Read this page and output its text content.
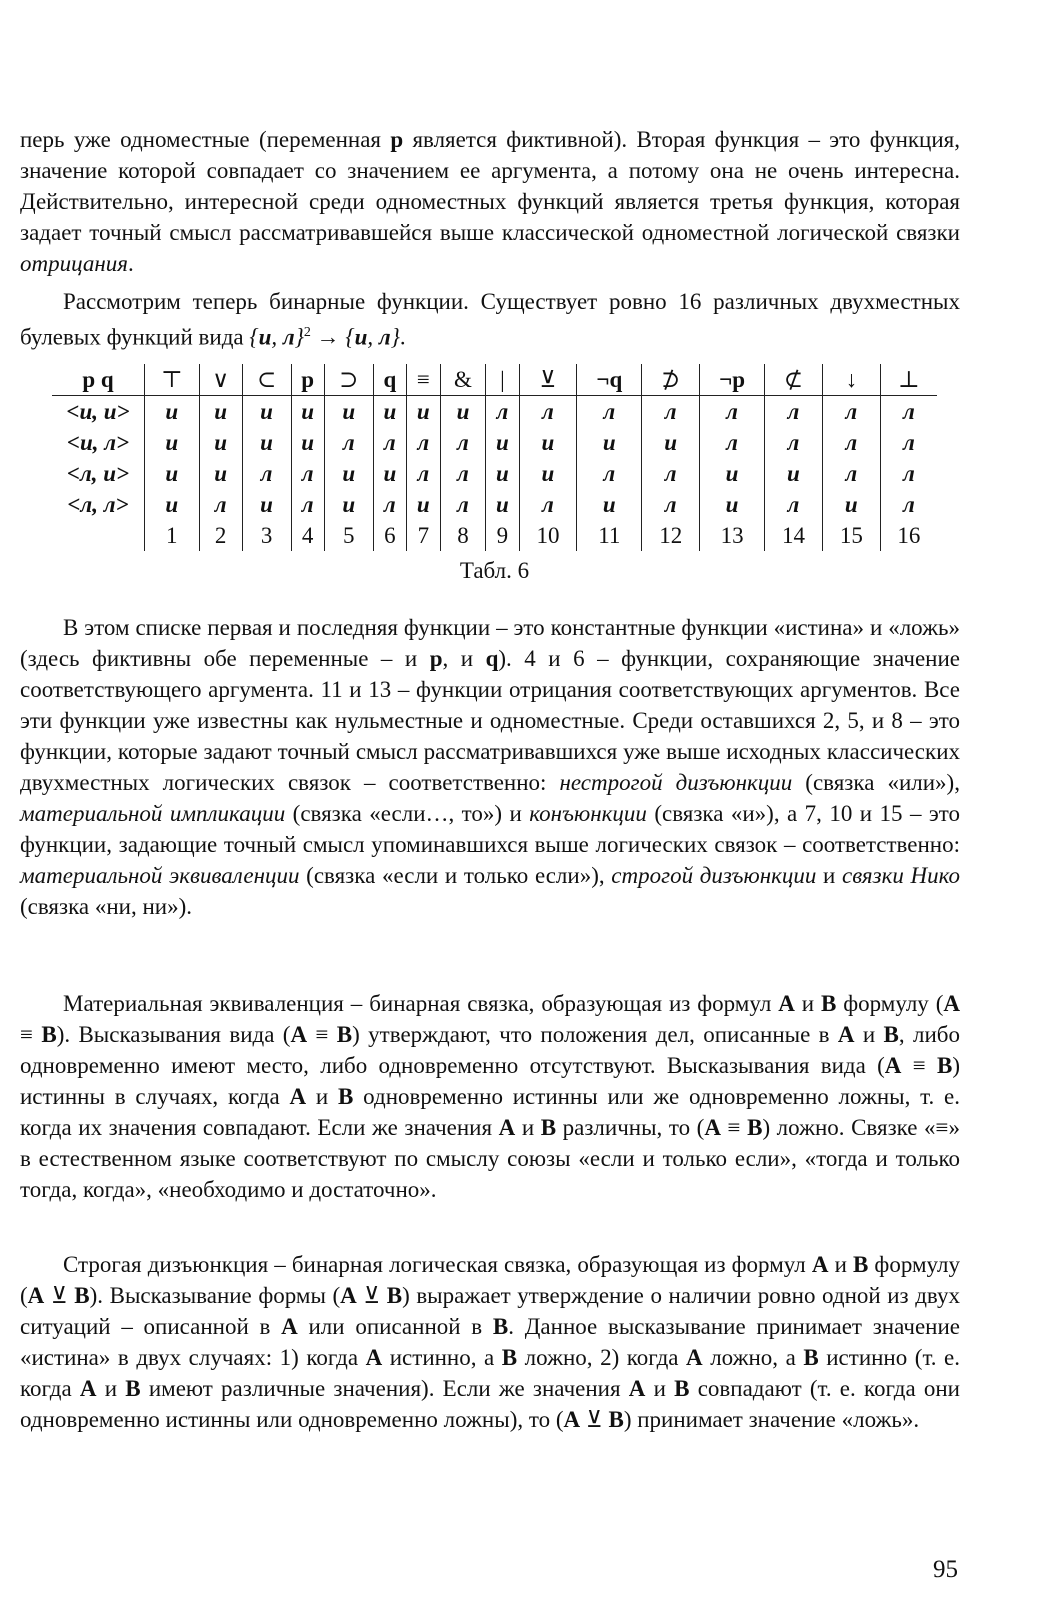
перь уже одноместные (переменная p является фиктивной). Вторая функция – это функция, значение которой совпадает со значением ее аргумента, а потому она не очень интересна. Действительно, интересной среди одноместных функций является третья функция, которая задает точный смысл рассматривавшейся выше классической одноместной логической связки отрицания.

Рассмотрим теперь бинарные функции. Существует ровно 16 различных двухместных булевых функций вида {и, л}$^2$ → {и, л}.

p q	⊤	∨	⊂	p	⊃	q	≡	&	|	⊻	¬q	⊅	¬p	⊄	↓	⊥
<и, и>	и	и	и	и	и	и	и	и	л	л	л	л	л	л	л	л
<и, л>	и	и	и	и	л	л	л	л	и	и	и	и	л	л	л	л
<л, и>	и	и	л	л	и	и	л	л	и	и	л	л	и	и	л	л
<л, л>	и	л	и	л	и	л	и	л	и	л	и	л	и	л	и	л
	1	2	3	4	5	6	7	8	9	10	11	12	13	14	15	16
Табл. 6

В этом списке первая и последняя функции – это константные функции «истина» и «ложь» (здесь фиктивны обе переменные – и p, и q). 4 и 6 – функции, сохраняющие значение соответствующего аргумента. 11 и 13 – функции отрицания соответствующих аргументов. Все эти функции уже известны как нульместные и одноместные. Среди оставшихся 2, 5, и 8 – это функции, которые задают точный смысл рассматривавшихся уже выше исходных классических двухместных логических связок – соответственно: нестрогой дизъюнкции (связка «или»), материальной импликации (связка «если…, то») и конъюнкции (связка «и»), а 7, 10 и 15 – это функции, задающие точный смысл упоминавшихся выше логических связок – соответственно: материальной эквиваленции (связка «если и только если»), строгой дизъюнкции и связки Нико (связка «ни, ни»).

Материальная эквиваленция – бинарная связка, образующая из формул A и B формулу (A ≡ B). Высказывания вида (A ≡ B) утверждают, что положения дел, описанные в A и B, либо одновременно имеют место, либо одновременно отсутствуют. Высказывания вида (A ≡ B) истинны в случаях, когда A и B одновременно истинны или же одновременно ложны, т. е. когда их значения совпадают. Если же значения A и B различны, то (A ≡ B) ложно. Связке «≡» в естественном языке соответствуют по смыслу союзы «если и только если», «тогда и только тогда, когда», «необходимо и достаточно».

Строгая дизъюнкция – бинарная логическая связка, образующая из формул A и B формулу (A ⊻ B). Высказывание формы (A ⊻ B) выражает утверждение о наличии ровно одной из двух ситуаций – описанной в A или описанной в B. Данное высказывание принимает значение «истина» в двух случаях: 1) когда A истинно, а B ложно, 2) когда A ложно, а B истинно (т. е. когда A и B имеют различные значения). Если же значения A и B совпадают (т. е. когда они одновременно истинны или одновременно ложны), то (A ⊻ B) принимает значение «ложь».

95
